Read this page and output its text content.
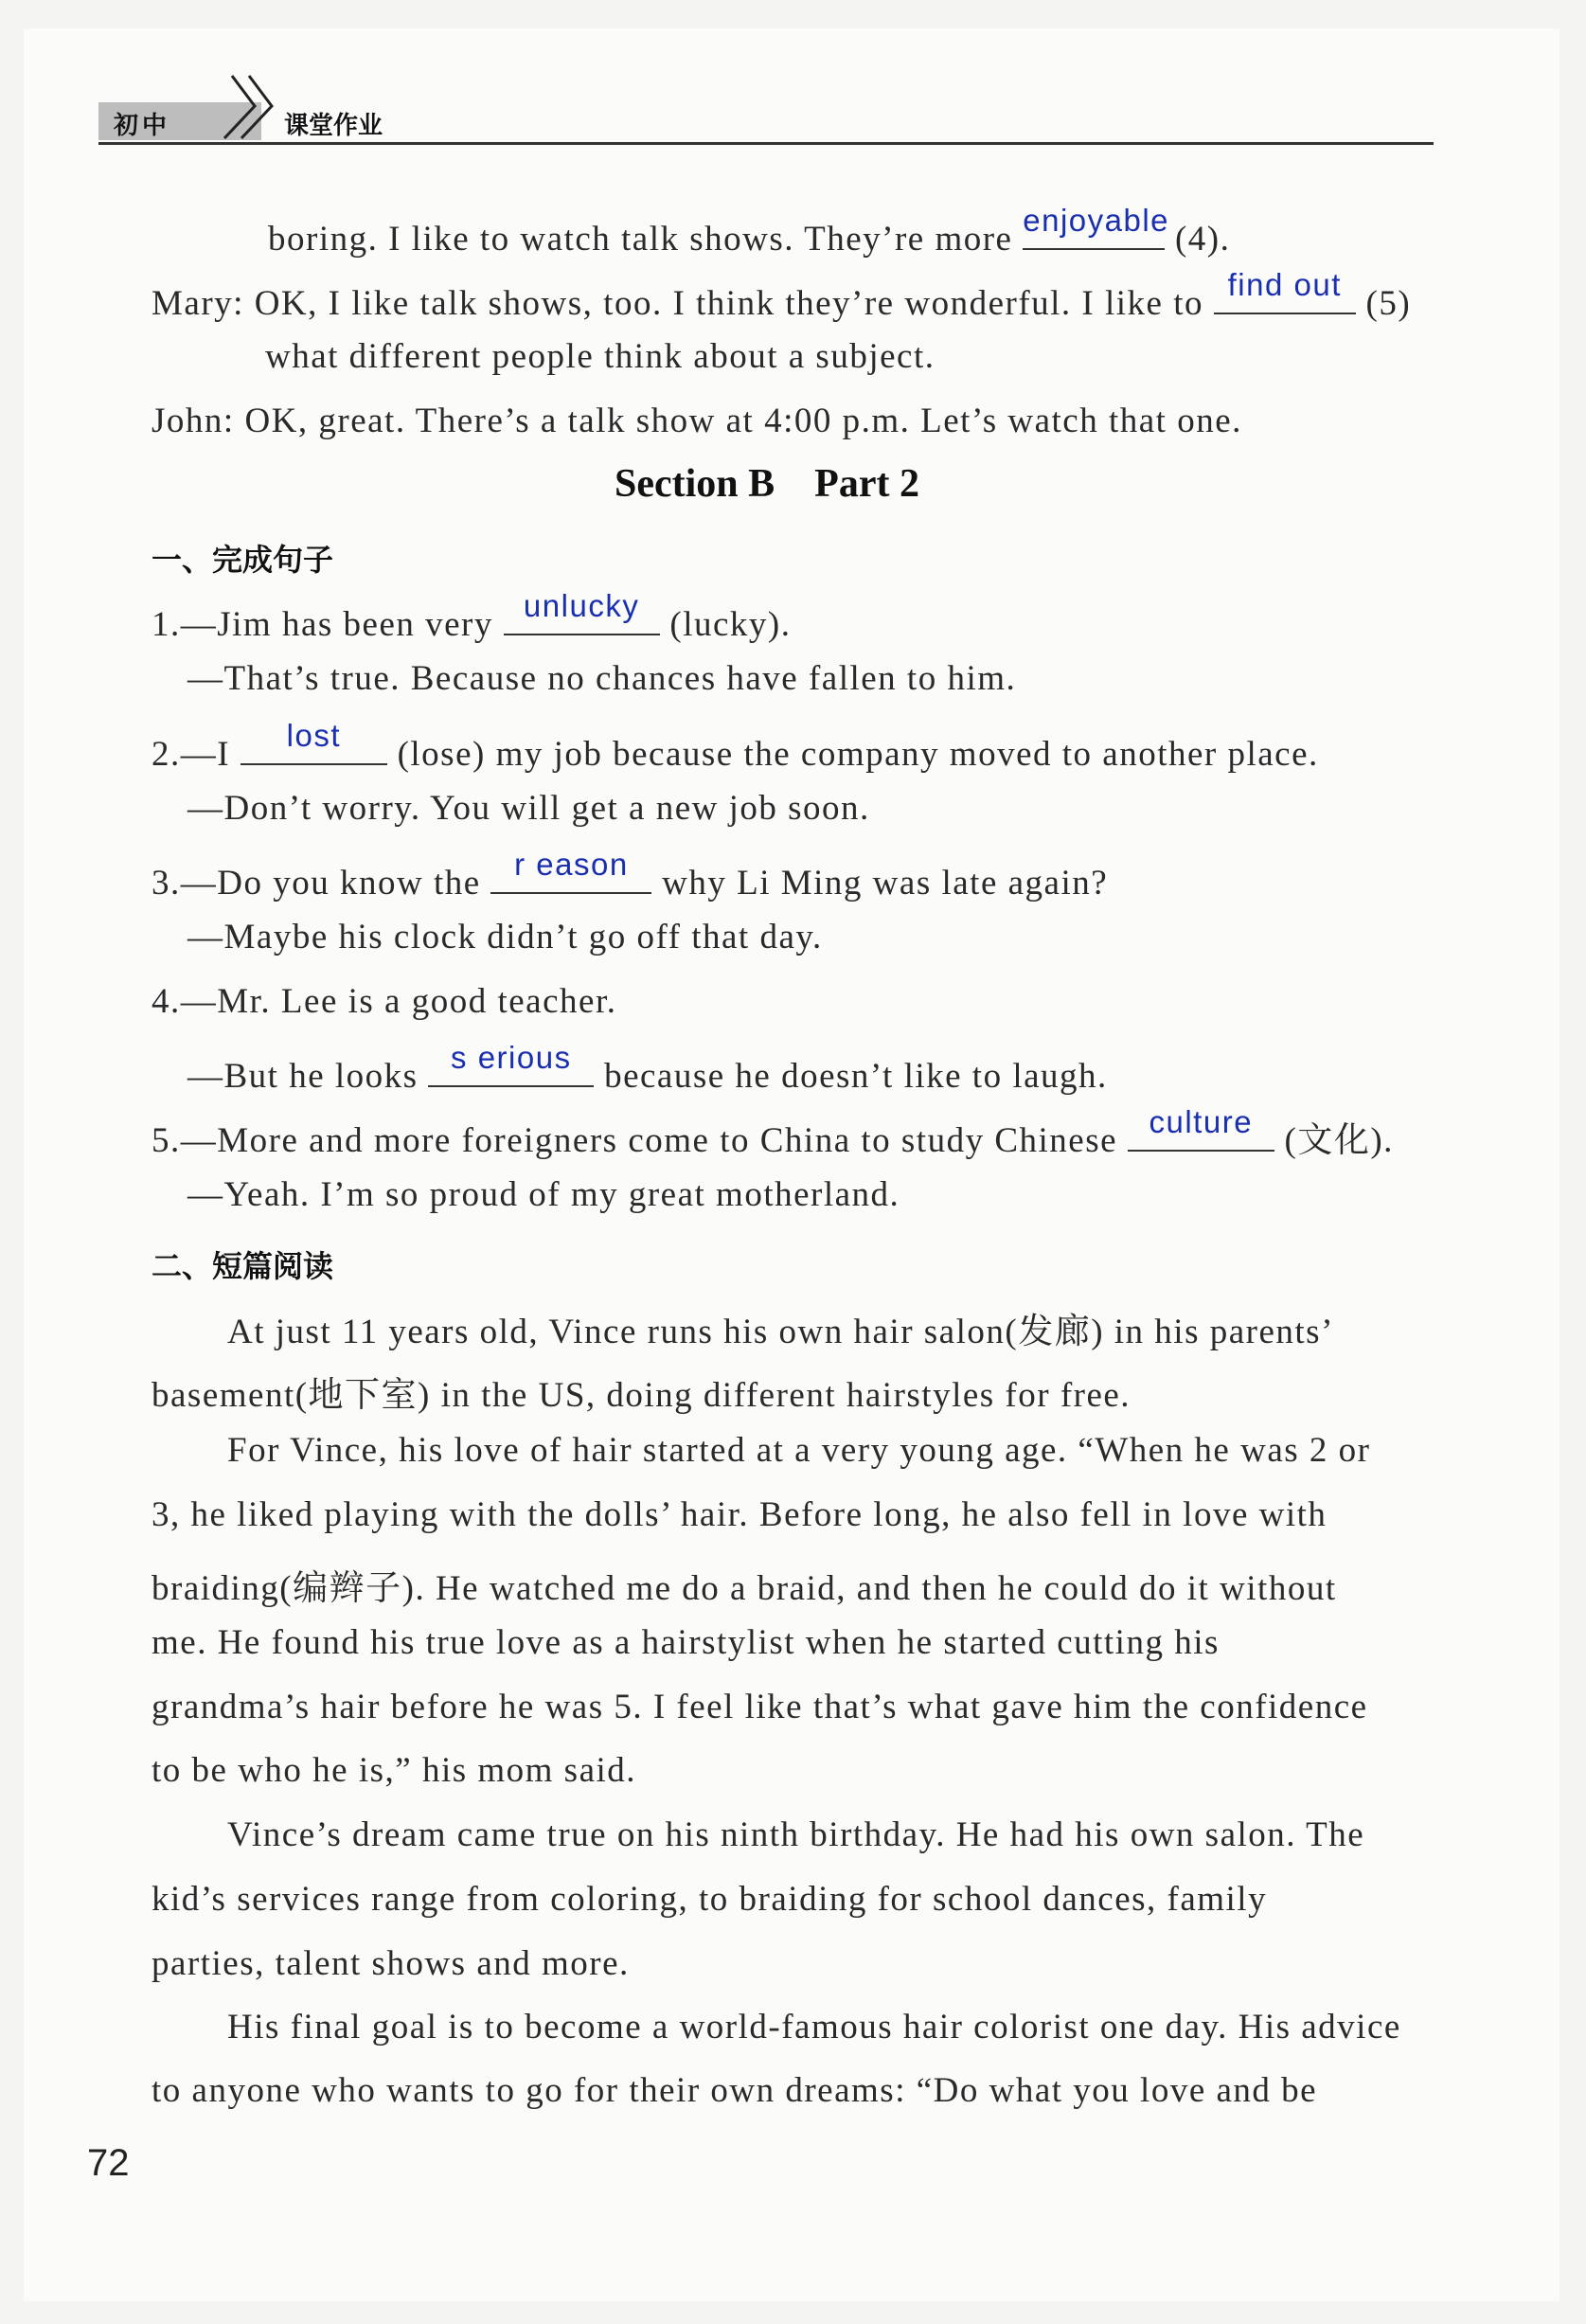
初中	课堂作业
boring. I like to watch talk shows. They’re more enjoyable (4).
Mary: OK, I like talk shows, too. I think they’re wonderful. I like to find out (5)
what different people think about a subject.
John: OK, great. There’s a talk show at 4:00 p.m. Let’s watch that one.
Section B    Part 2
一、完成句子
1.—Jim has been very unlucky (lucky).
—That’s true. Because no chances have fallen to him.
2.—I	lost	(lose) my job because the company moved to another place.
—Don’t worry. You will get a new job soon.
3.—Do you know the	r eason why Li Ming was late again?
—Maybe his clock didn’t go off that day.
4.—Mr. Lee is a good teacher.
—But he looks	s erious because he doesn’t like to laugh.
5.—More and more foreigners come to China to study Chinese	culture (文化).
—Yeah. I’m so proud of my great motherland.
二、短篇阅读
At just 11 years old, Vince runs his own hair salon(发廊) in his parents’
basement(地下室) in the US, doing different hairstyles for free.
For Vince, his love of hair started at a very young age. “When he was 2 or
3, he liked playing with the dolls’ hair. Before long, he also fell in love with
braiding(编辫子). He watched me do a braid, and then he could do it without
me. He found his true love as a hairstylist when he started cutting his
grandma’s hair before he was 5. I feel like that’s what gave him the confidence
to be who he is,” his mom said.
Vince’s dream came true on his ninth birthday. He had his own salon. The
kid’s services range from coloring, to braiding for school dances, family
parties, talent shows and more.
His final goal is to become a world-famous hair colorist one day. His advice
to anyone who wants to go for their own dreams: “Do what you love and be
72
